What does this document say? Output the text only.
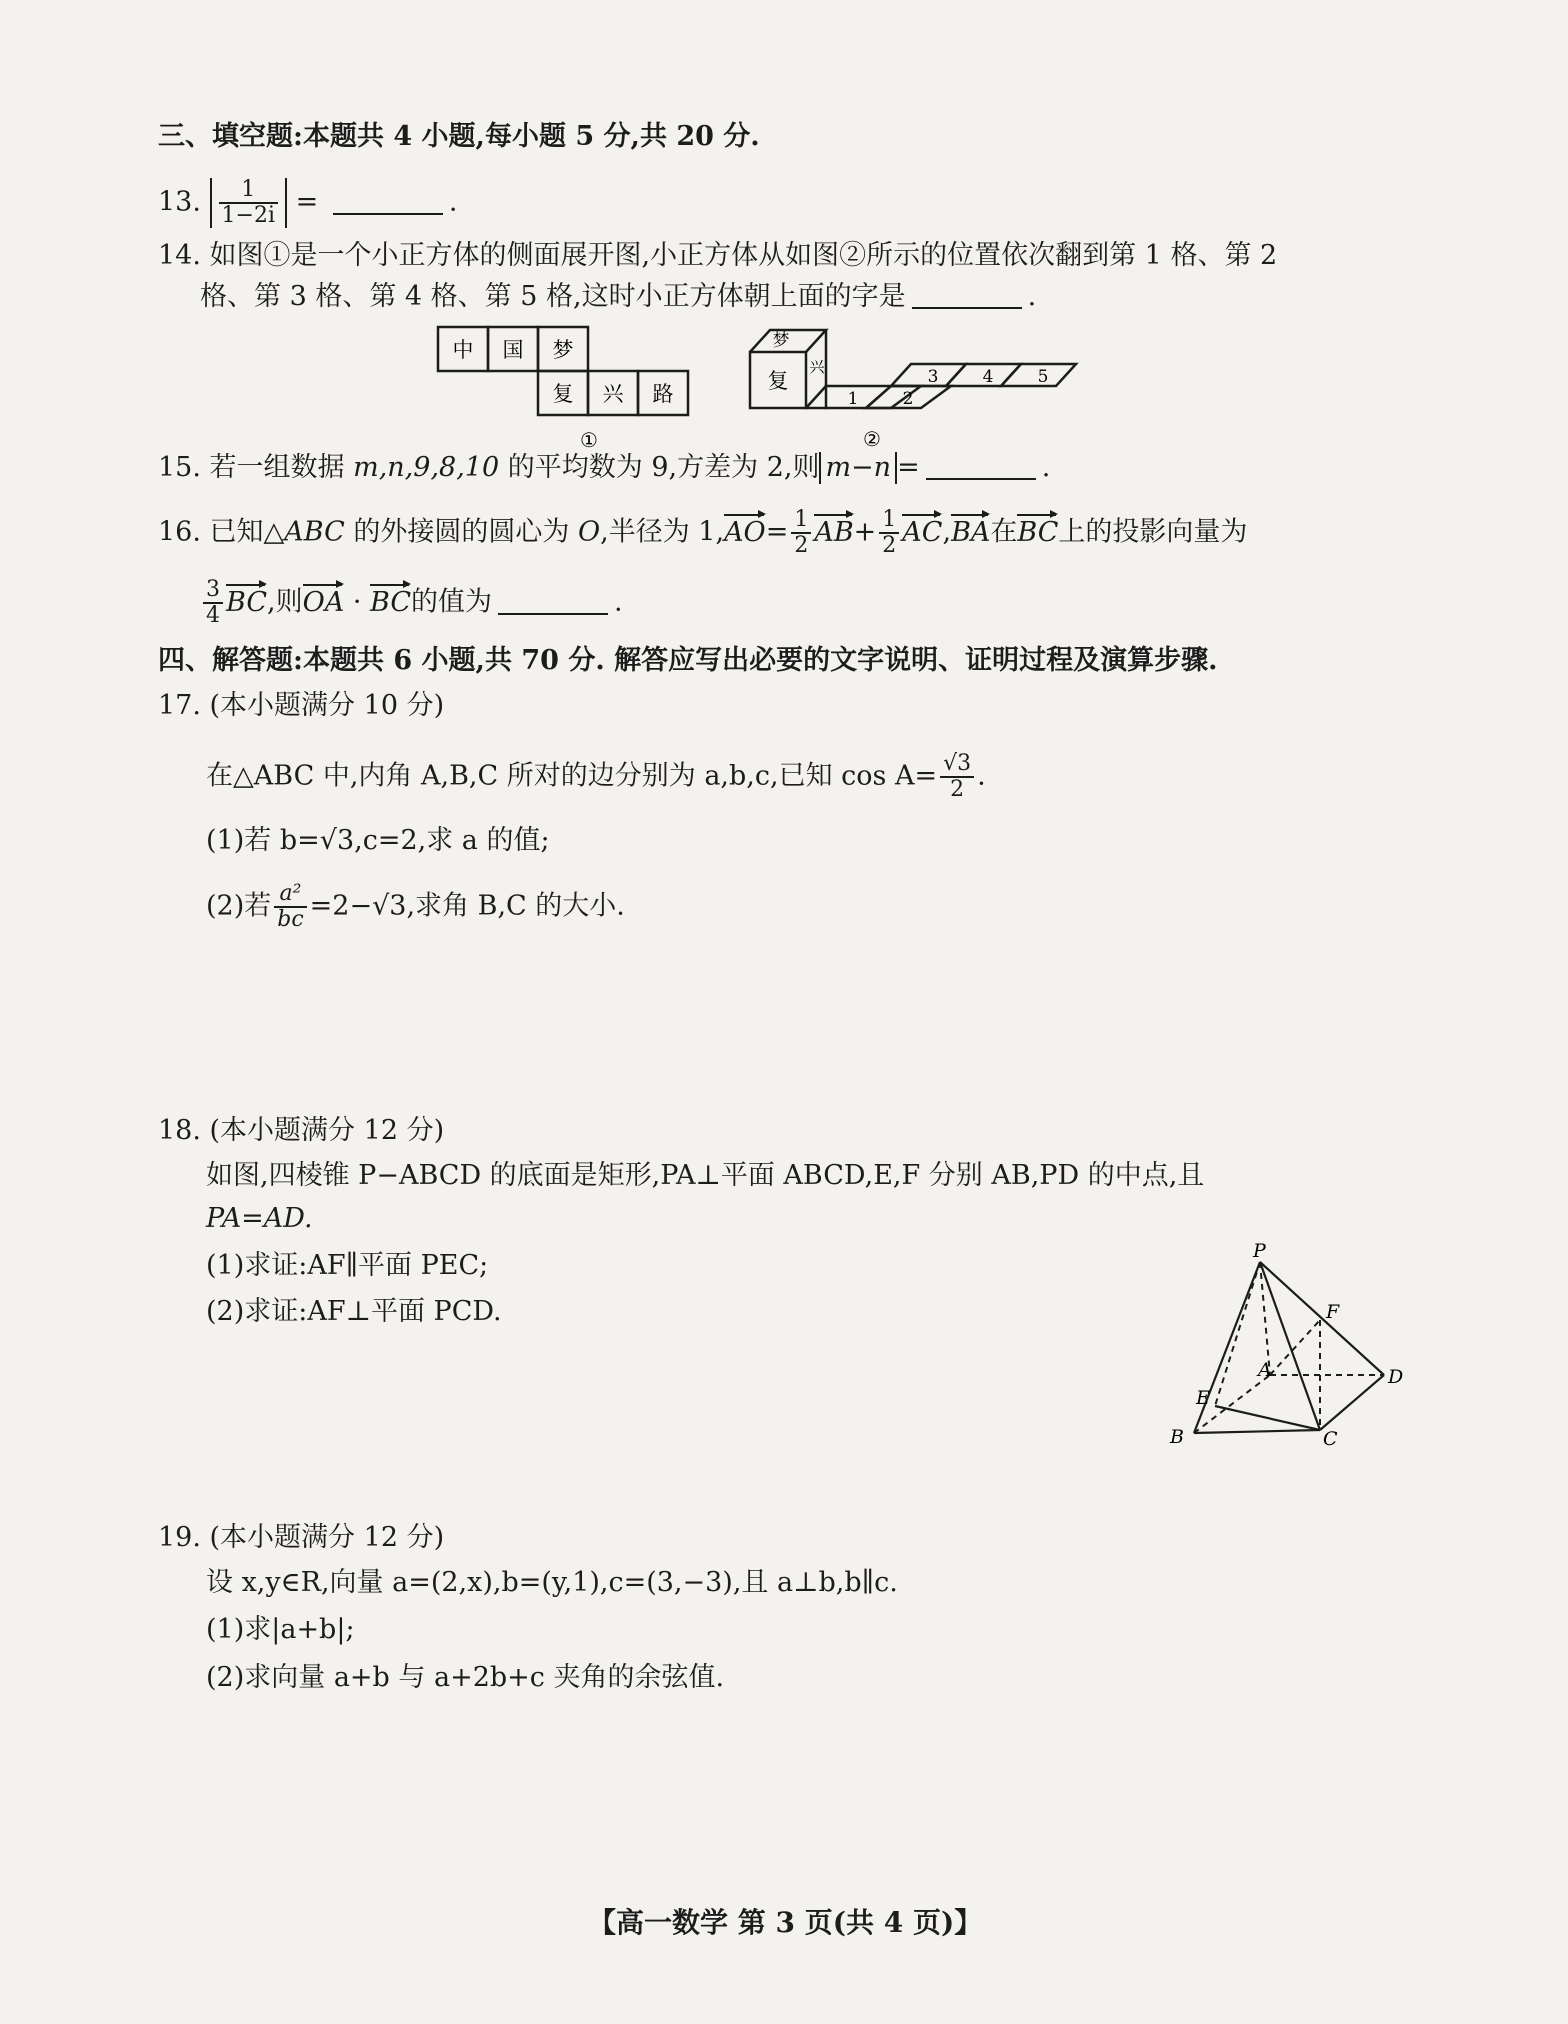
三、填空题:本题共 4 小题,每小题 5 分,共 20 分.
13. $\frac{1}{1-2i}$ =	.
14. 如图①是一个小正方体的侧面展开图,小正方体从如图②所示的位置依次翻到第 1 格、第 2
格、第 3 格、第 4 格、第 5 格,这时小正方体朝上面的字是	.
中 国 梦
复 兴 路
①
梦
复
兴
1	2
3	4	5
②
15. 若一组数据 m,n,9,8,10 的平均数为 9,方差为 2,则 m−n =	.
16. 已知△ABC 的外接圆的圆心为 O,半径为 $1,AO= \frac{1}{2} AB+ \frac{1}{2} AC,BA$在BC上的投影向量为
$\frac{3}{4}$ BC,则OA · BC的值为	.
四、解答题:本题共 6 小题,共 70 分. 解答应写出必要的文字说明、证明过程及演算步骤.
17. (本小题满分 10 分)
在△ABC 中,内角 A,B,C 所对的边分别为 a,b,c,已知 $\cos A= \frac{√3}{2}$ .
(1)若 b=√3,c=2,求 a 的值;
(2)若 $\frac{\text{a²}}{bc} =2-√3$,求角 B,C 的大小.
18. (本小题满分 12 分)
如图,四棱锥 P−ABCD 的底面是矩形,PA⊥平面 ABCD,E,F 分别 AB,PD 的中点,且
PA=AD.
(1)求证:AF∥平面 PEC;
(2)求证:AF⊥平面 PCD.
P
F
A	D
E
B	C
19. (本小题满分 12 分)
设 x,y∈R,向量 a=(2,x),b=(y,1),c=(3,−3),且 a⊥b,b∥c.
(1)求|a+b|;
(2)求向量 a+b 与 a+2b+c 夹角的余弦值.
【高一数学 第 3 页(共 4 页)】
